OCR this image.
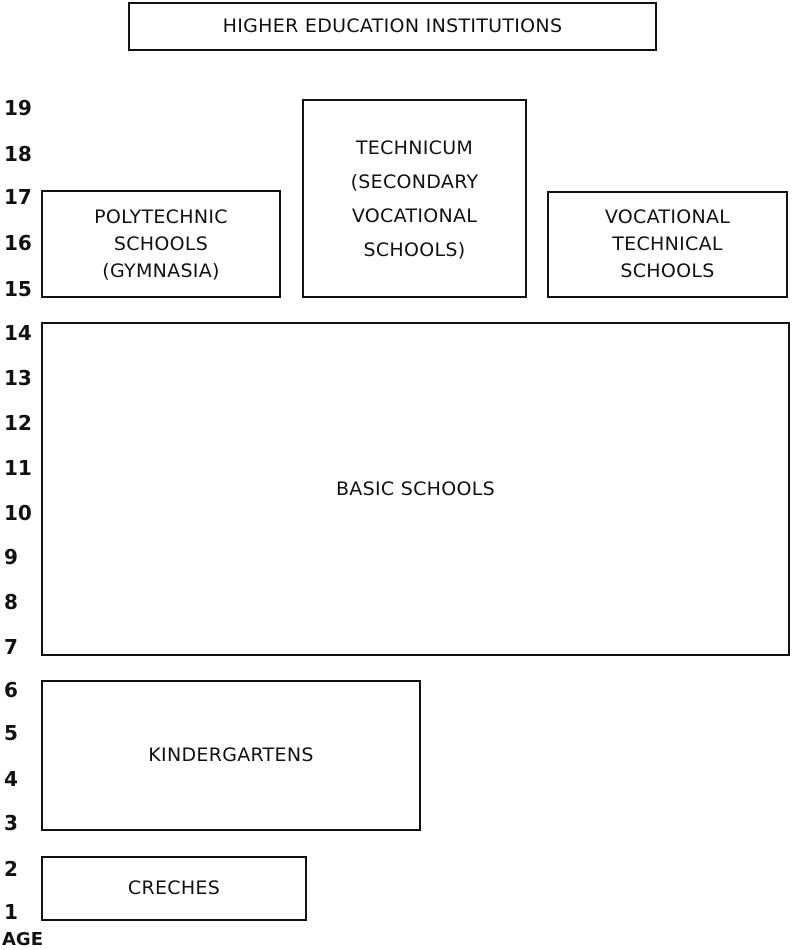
HIGHER EDUCATION INSTITUTIONS
POLYTECHNIC
SCHOOLS
(GYMNASIA)
TECHNICUM
(SECONDARY
VOCATIONAL
SCHOOLS)
VOCATIONAL
TECHNICAL
SCHOOLS
BASIC SCHOOLS
KINDERGARTENS
CRECHES
19
18
17
16
15
14
13
12
11
10
9
8
7
6
5
4
3
2
1
AGE
